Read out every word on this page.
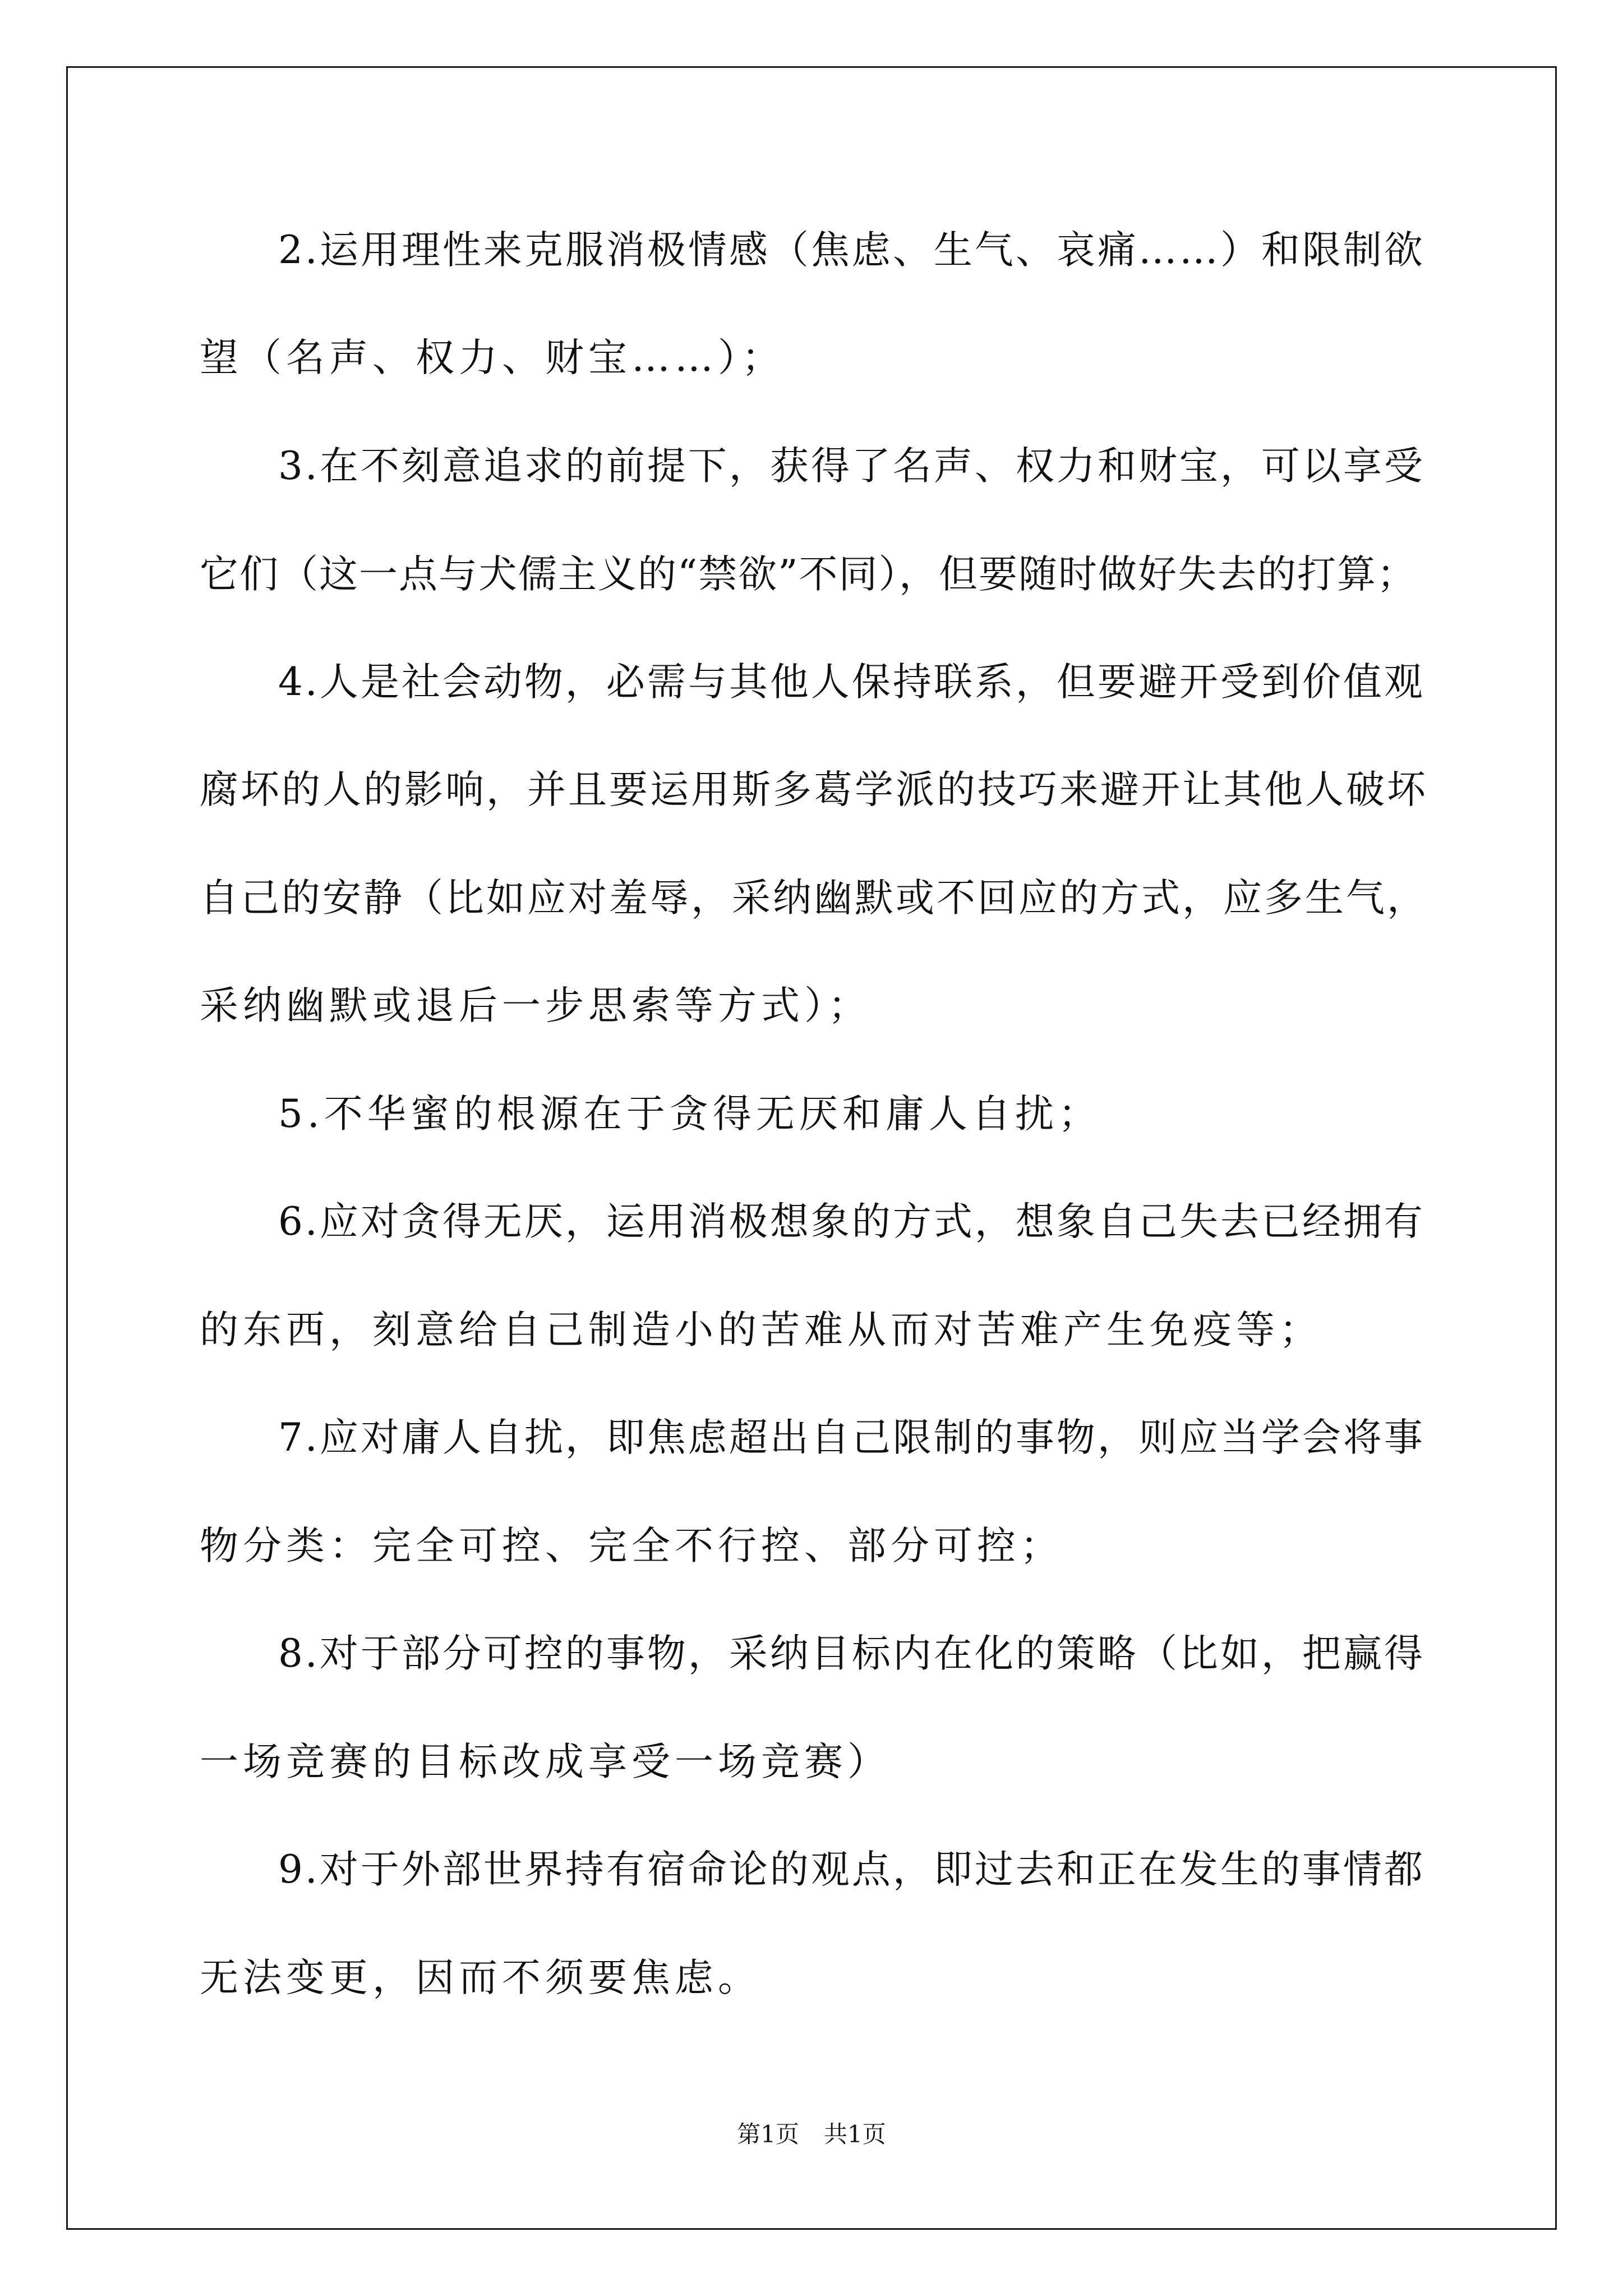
2.运用理性来克服消极情感（焦虑、生气、哀痛……）和限制欲
望（名声、权力、财宝……）；
3.在不刻意追求的前提下，获得了名声、权力和财宝，可以享受
它们（这一点与犬儒主义的“禁欲”不同），但要随时做好失去的打算；
4.人是社会动物，必需与其他人保持联系，但要避开受到价值观
腐坏的人的影响，并且要运用斯多葛学派的技巧来避开让其他人破坏
自己的安静（比如应对羞辱，采纳幽默或不回应的方式，应多生气，
采纳幽默或退后一步思索等方式）；
5.不华蜜的根源在于贪得无厌和庸人自扰；
6.应对贪得无厌，运用消极想象的方式，想象自己失去已经拥有
的东西，刻意给自己制造小的苦难从而对苦难产生免疫等；
7.应对庸人自扰，即焦虑超出自己限制的事物，则应当学会将事
物分类：完全可控、完全不行控、部分可控；
8.对于部分可控的事物，采纳目标内在化的策略（比如，把赢得
一场竞赛的目标改成享受一场竞赛）
9.对于外部世界持有宿命论的观点，即过去和正在发生的事情都
无法变更，因而不须要焦虑。
第1页 共1页
